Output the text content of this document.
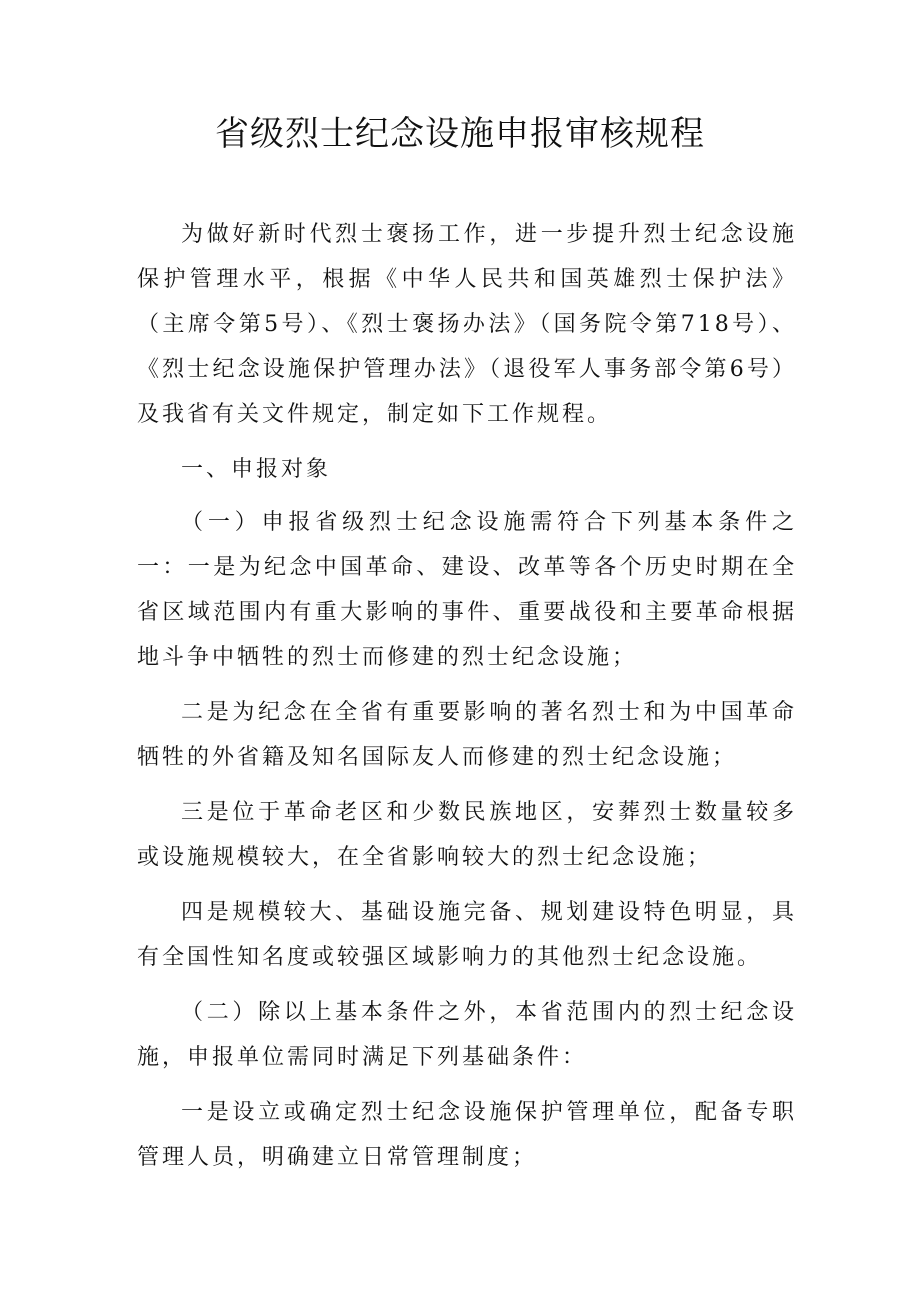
省级烈士纪念设施申报审核规程

为做好新时代烈士褒扬工作，进一步提升烈士纪念设施保护管理水平，根据《中华人民共和国英雄烈士保护法》（主席令第5号）、《烈士褒扬办法》（国务院令第718号）、《烈士纪念设施保护管理办法》（退役军人事务部令第6号）及我省有关文件规定，制定如下工作规程。

一、申报对象

（一）申报省级烈士纪念设施需符合下列基本条件之一：一是为纪念中国革命、建设、改革等各个历史时期在全省区域范围内有重大影响的事件、重要战役和主要革命根据地斗争中牺牲的烈士而修建的烈士纪念设施；

二是为纪念在全省有重要影响的著名烈士和为中国革命牺牲的外省籍及知名国际友人而修建的烈士纪念设施；

三是位于革命老区和少数民族地区，安葬烈士数量较多或设施规模较大，在全省影响较大的烈士纪念设施；

四是规模较大、基础设施完备、规划建设特色明显，具有全国性知名度或较强区域影响力的其他烈士纪念设施。

（二）除以上基本条件之外，本省范围内的烈士纪念设施，申报单位需同时满足下列基础条件：

一是设立或确定烈士纪念设施保护管理单位，配备专职管理人员，明确建立日常管理制度；
